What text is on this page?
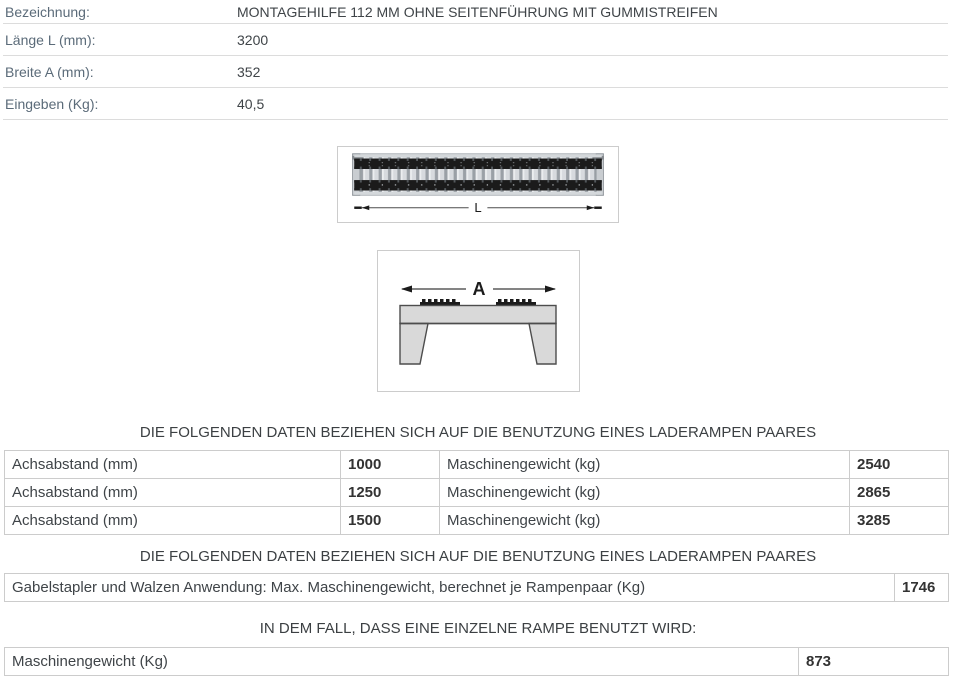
Bezeichnung:	MONTAGEHILFE 112 MM OHNE SEITENFÜHRUNG MIT GUMMISTREIFEN
Länge L (mm):	3200
Breite A (mm):	352
Eingeben (Kg):	40,5
L
A
DIE FOLGENDEN DATEN BEZIEHEN SICH AUF DIE BENUTZUNG EINES LADERAMPEN PAARES
Achsabstand (mm)	1000	Maschinengewicht (kg)	2540
Achsabstand (mm)	1250	Maschinengewicht (kg)	2865
Achsabstand (mm)	1500	Maschinengewicht (kg)	3285
DIE FOLGENDEN DATEN BEZIEHEN SICH AUF DIE BENUTZUNG EINES LADERAMPEN PAARES
Gabelstapler und Walzen Anwendung: Max. Maschinengewicht, berechnet je Rampenpaar (Kg)	1746
IN DEM FALL, DASS EINE EINZELNE RAMPE BENUTZT WIRD:
Maschinengewicht (Kg)	873
